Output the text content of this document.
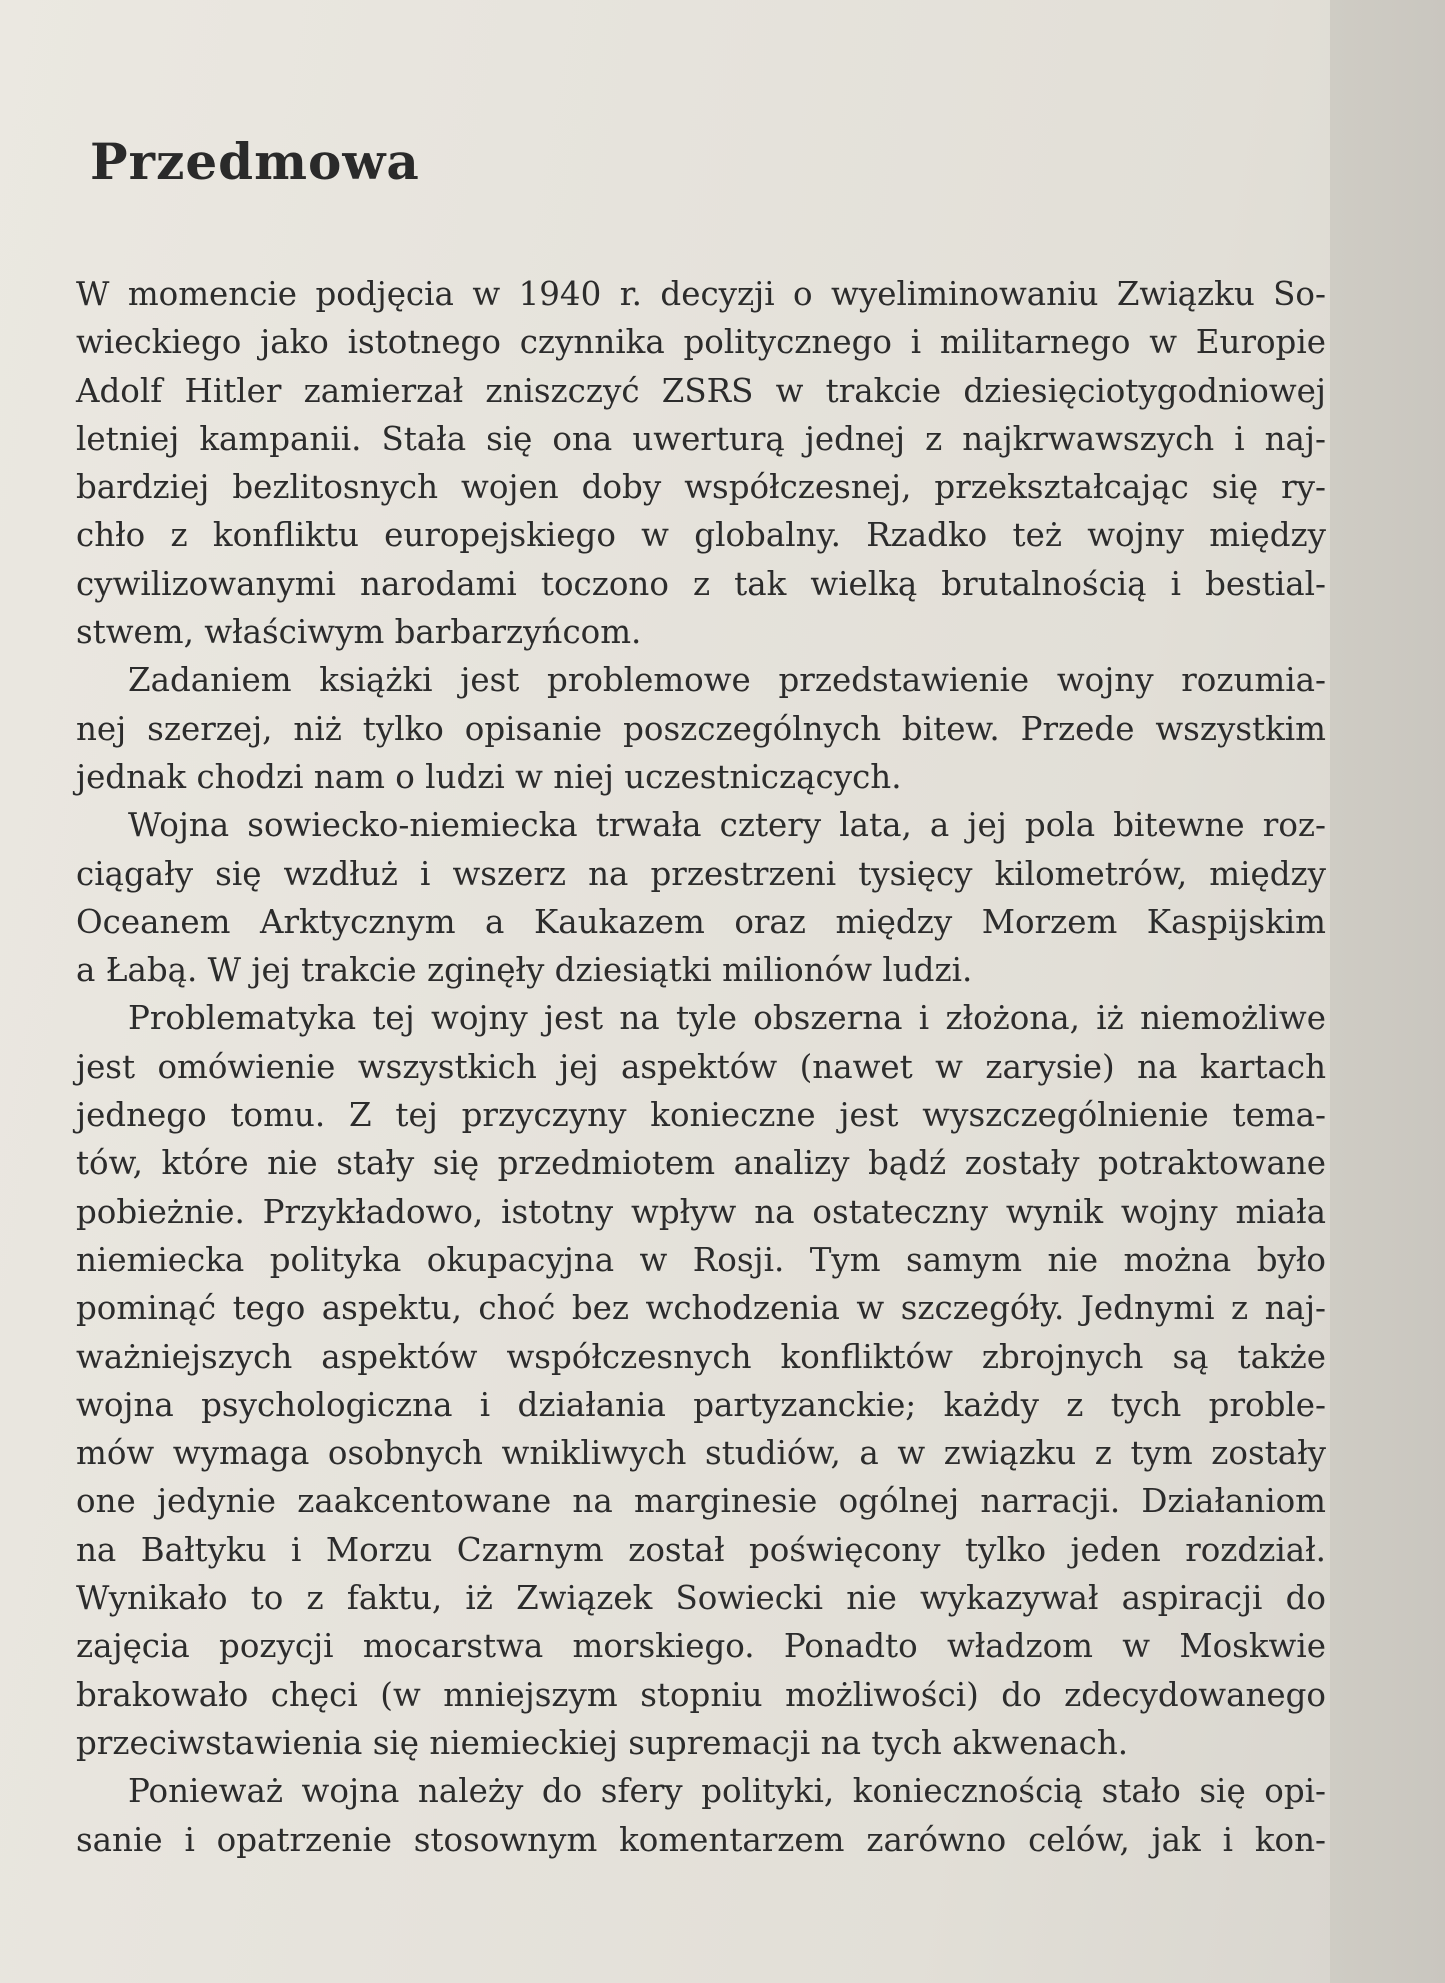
Przedmowa
W momencie podjęcia w 1940 r. decyzji o wyeliminowaniu Związku So-
wieckiego jako istotnego czynnika politycznego i militarnego w Europie
Adolf Hitler zamierzał zniszczyć ZSRS w trakcie dziesięciotygodniowej
letniej kampanii. Stała się ona uwerturą jednej z najkrwawszych i naj-
bardziej bezlitosnych wojen doby współczesnej, przekształcając się ry-
chło z konfliktu europejskiego w globalny. Rzadko też wojny między
cywilizowanymi narodami toczono z tak wielką brutalnością i bestial-
stwem, właściwym barbarzyńcom.
Zadaniem książki jest problemowe przedstawienie wojny rozumia-
nej szerzej, niż tylko opisanie poszczególnych bitew. Przede wszystkim
jednak chodzi nam o ludzi w niej uczestniczących.
Wojna sowiecko-niemiecka trwała cztery lata, a jej pola bitewne roz-
ciągały się wzdłuż i wszerz na przestrzeni tysięcy kilometrów, między
Oceanem Arktycznym a Kaukazem oraz między Morzem Kaspijskim
a Łabą. W jej trakcie zginęły dziesiątki milionów ludzi.
Problematyka tej wojny jest na tyle obszerna i złożona, iż niemożliwe
jest omówienie wszystkich jej aspektów (nawet w zarysie) na kartach
jednego tomu. Z tej przyczyny konieczne jest wyszczególnienie tema-
tów, które nie stały się przedmiotem analizy bądź zostały potraktowane
pobieżnie. Przykładowo, istotny wpływ na ostateczny wynik wojny miała
niemiecka polityka okupacyjna w Rosji. Tym samym nie można było
pominąć tego aspektu, choć bez wchodzenia w szczegóły. Jednymi z naj-
ważniejszych aspektów współczesnych konfliktów zbrojnych są także
wojna psychologiczna i działania partyzanckie; każdy z tych proble-
mów wymaga osobnych wnikliwych studiów, a w związku z tym zostały
one jedynie zaakcentowane na marginesie ogólnej narracji. Działaniom
na Bałtyku i Morzu Czarnym został poświęcony tylko jeden rozdział.
Wynikało to z faktu, iż Związek Sowiecki nie wykazywał aspiracji do
zajęcia pozycji mocarstwa morskiego. Ponadto władzom w Moskwie
brakowało chęci (w mniejszym stopniu możliwości) do zdecydowanego
przeciwstawienia się niemieckiej supremacji na tych akwenach.
Ponieważ wojna należy do sfery polityki, koniecznością stało się opi-
sanie i opatrzenie stosownym komentarzem zarówno celów, jak i kon-
